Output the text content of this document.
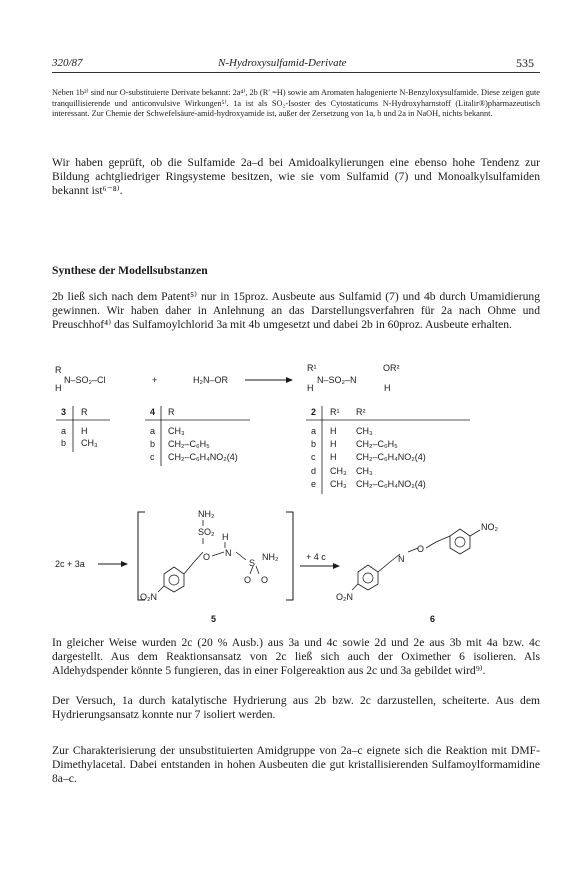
320/87	N-Hydroxysulfamid-Derivate	535
Neben 1b³⁾ sind nur O-substituierte Derivate bekannt: 2a⁴⁾, 2b (R′ =H) sowie am Aromaten halogenierte N-Benzyloxysulfamide. Diese zeigen gute tranquillisierende und anticonvulsive Wirkungen⁵⁾. 1a ist als SO₂-Isoster des Cytostaticums N-Hydroxyharnstoff (Litalir®)pharmazeutisch interessant. Zur Chemie der Schwefelsäure-amid-hydroxyamide ist, außer der Zersetzung von 1a, b und 2a in NaOH, nichts bekannt.
Wir haben geprüft, ob die Sulfamide 2a–d bei Amidoalkylierungen eine ebenso hohe Tendenz zur Bildung achtgliedriger Ringsysteme besitzen, wie sie vom Sulfamid (7) und Monoalkylsulfamiden bekannt ist⁶⁻⁸⁾.
Synthese der Modellsubstanzen
2b ließ sich nach dem Patent⁵⁾ nur in 15proz. Ausbeute aus Sulfamid (7) und 4b durch Umamidierung gewinnen. Wir haben daher in Anlehnung an das Darstellungsverfahren für 2a nach Ohme und Preuschhof⁴⁾ das Sulfamoylchlorid 3a mit 4b umgesetzt und dabei 2b in 60proz. Ausbeute erhalten.
R
H
N–SO₂–Cl	+	H₂N–OR
R¹
H
N–SO₂–N
OR²
H
3 R
a H
b CH₃
4 R
a CH₃
b CH₂–C₆H₅
c CH₂–C₆H₄NO₂(4)
2 R¹ R²
a H CH₃
b H CH₂–C₆H₅
c H CH₂–C₆H₄NO₂(4)
d CH₃ CH₃
e CH₃ CH₂–C₆H₄NO₂(4)
2c + 3a
NH₂
SO₂ H
O N
S
NH₂
O O
O₂N
5
+ 4 c
NO₂
N
O
O₂N
6
In gleicher Weise wurden 2c (20 % Ausb.) aus 3a und 4c sowie 2d und 2e aus 3b mit 4a bzw. 4c dargestellt. Aus dem Reaktionsansatz von 2c ließ sich auch der Oximether 6 isolieren. Als Aldehydspender könnte 5 fungieren, das in einer Folgereaktion aus 2c und 3a gebildet wird⁹⁾.
Der Versuch, 1a durch katalytische Hydrierung aus 2b bzw. 2c darzustellen, scheiterte. Aus dem Hydrierungsansatz konnte nur 7 isoliert werden.
Zur Charakterisierung der unsubstituierten Amidgruppe von 2a–c eignete sich die Reaktion mit DMF-Dimethylacetal. Dabei entstanden in hohen Ausbeuten die gut kristallisierenden Sulfamoylformamidine 8a–c.
